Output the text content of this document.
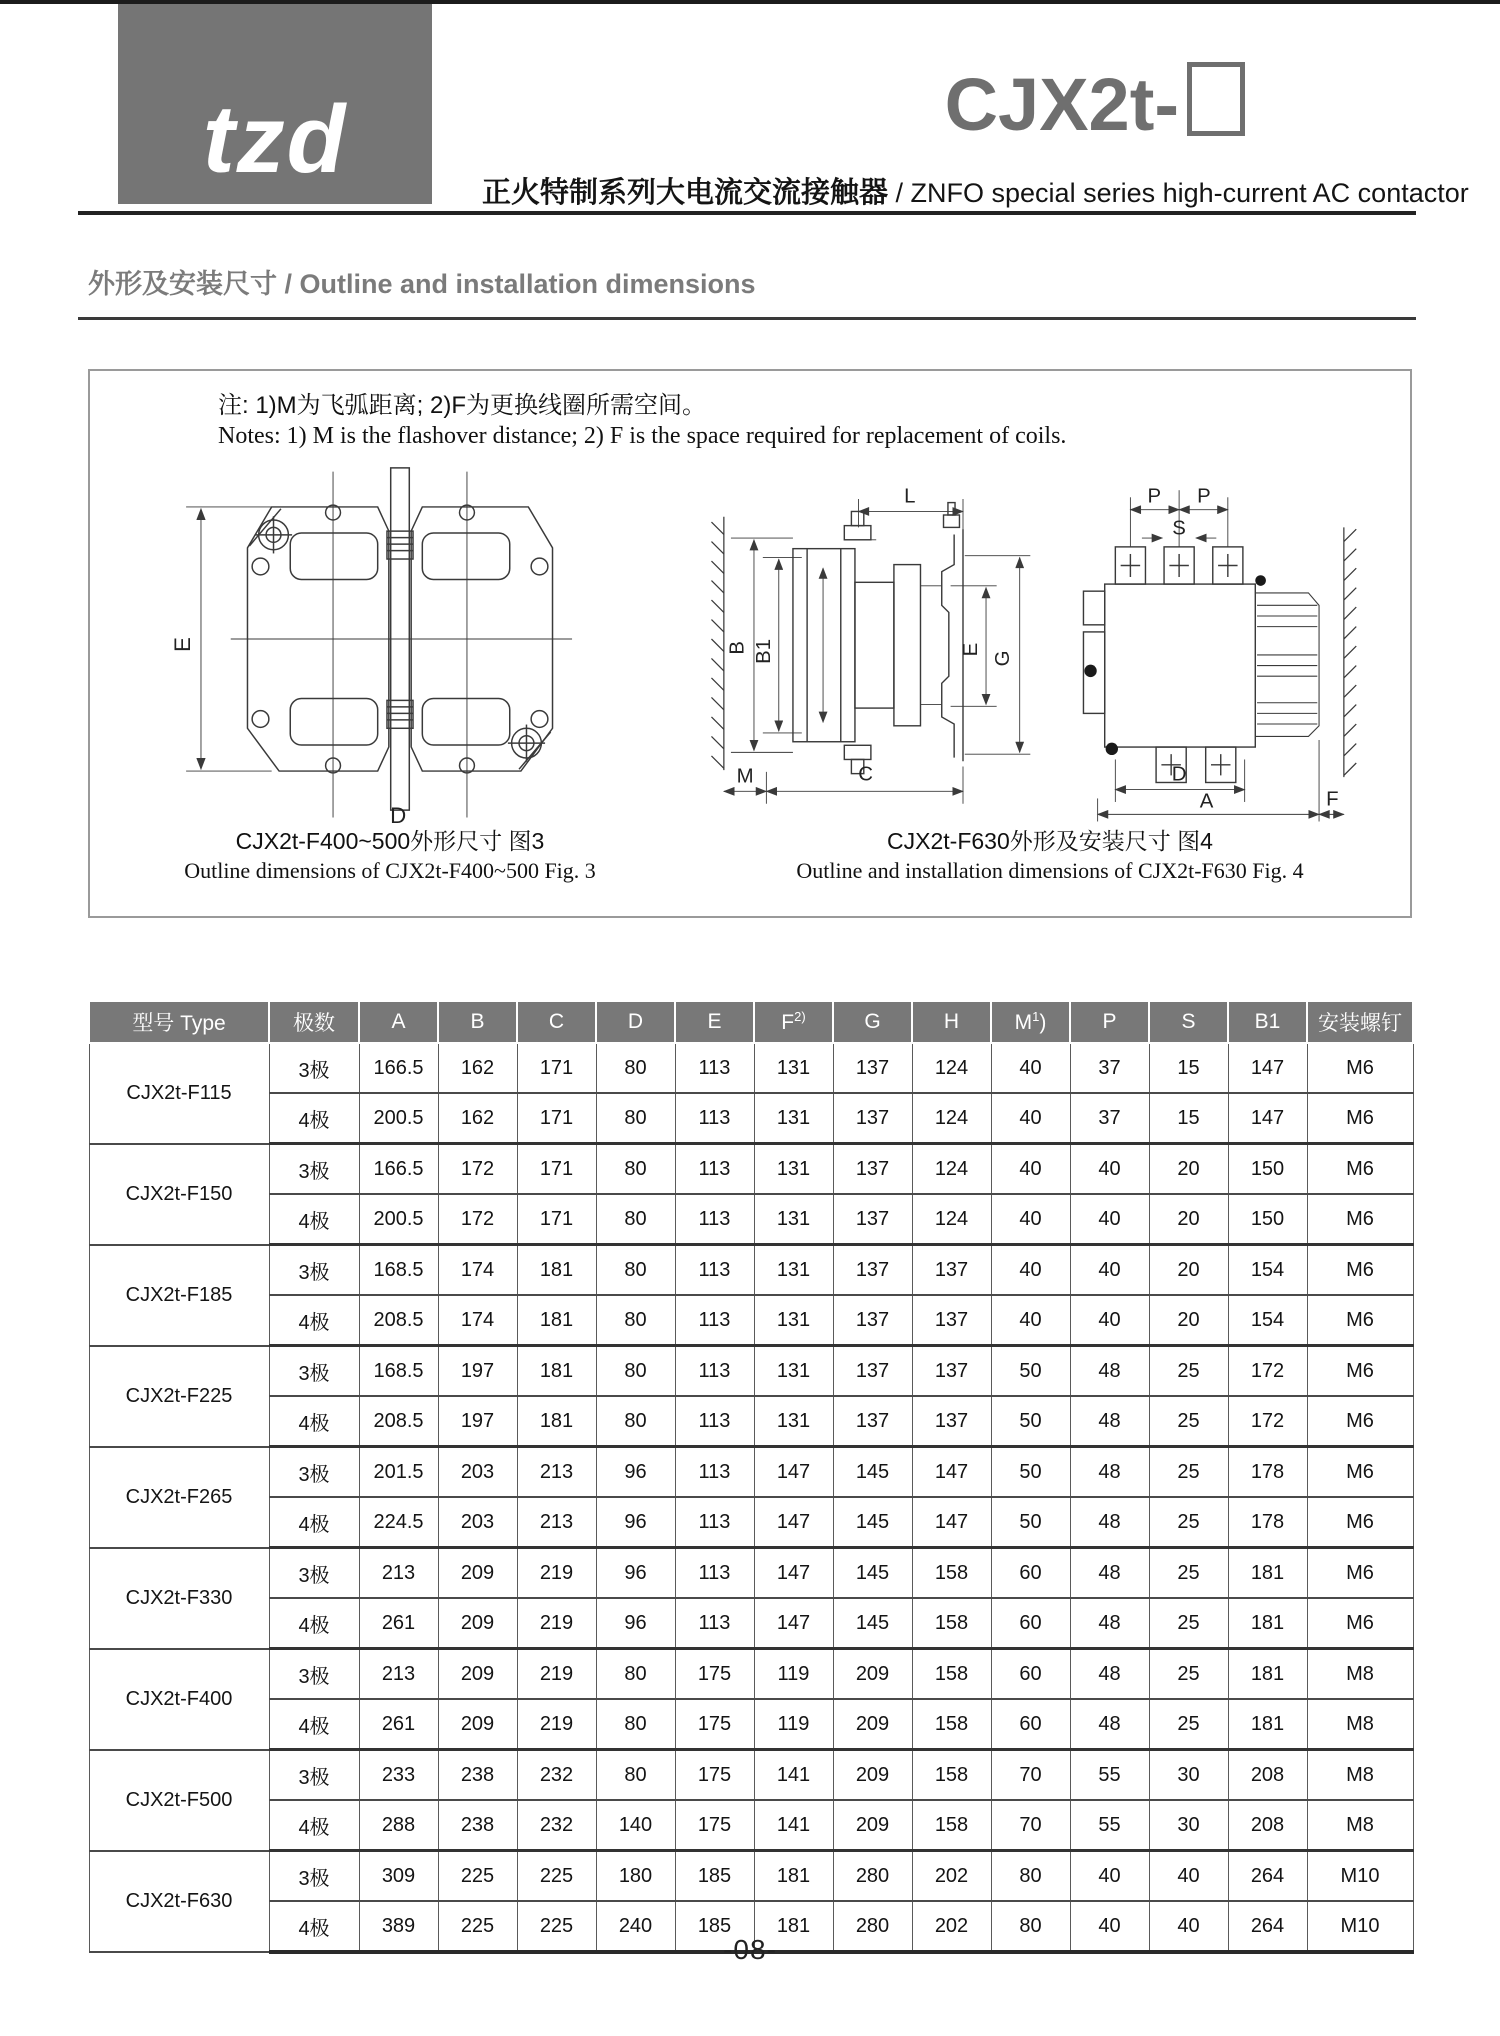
tzd	CJX2t-
正火特制系列大电流交流接触器 / ZNFO special series high-current AC contactor
外形及安装尺寸 / Outline and installation dimensions
注: 1)M为飞弧距离; 2)F为更换线圈所需空间。
Notes: 1) M is the flashover distance; 2) F is the space required for replacement of coils.
E
D
L
B B1	E
G
M	C
P P
S
D
A	F
CJX2t-F400~500外形尺寸 图3
Outline dimensions of CJX2t-F400~500 Fig. 3
CJX2t-F630外形及安装尺寸 图4
Outline and installation dimensions of CJX2t-F630 Fig. 4
型号 Type	极数	A	B	C	D	E	$F^{2)}$	G	H	$M^1$)	P	S	B1	安装螺钉
CJX2t-F115	3极	166.5	162	171	80	113	131	137	124	40	37	15	147	M6
	4极	200.5	162	171	80	113	131	137	124	40	37	15	147	M6
CJX2t-F150	3极	166.5	172	171	80	113	131	137	124	40	40	20	150	M6
	4极	200.5	172	171	80	113	131	137	124	40	40	20	150	M6
CJX2t-F185	3极	168.5	174	181	80	113	131	137	137	40	40	20	154	M6
	4极	208.5	174	181	80	113	131	137	137	40	40	20	154	M6
CJX2t-F225	3极	168.5	197	181	80	113	131	137	137	50	48	25	172	M6
	4极	208.5	197	181	80	113	131	137	137	50	48	25	172	M6
CJX2t-F265	3极	201.5	203	213	96	113	147	145	147	50	48	25	178	M6
	4极	224.5	203	213	96	113	147	145	147	50	48	25	178	M6
CJX2t-F330	3极	213	209	219	96	113	147	145	158	60	48	25	181	M6
	4极	261	209	219	96	113	147	145	158	60	48	25	181	M6
CJX2t-F400	3极	213	209	219	80	175	119	209	158	60	48	25	181	M8
	4极	261	209	219	80	175	119	209	158	60	48	25	181	M8
CJX2t-F500	3极	233	238	232	80	175	141	209	158	70	55	30	208	M8
	4极	288	238	232	140	175	141	209	158	70	55	30	208	M8
CJX2t-F630	3极	309	225	225	180	185	181	280	202	80	40	40	264	M10
	4极	389	225	225	240	185	181	280	202	80	40	40	264	M10
-08-
